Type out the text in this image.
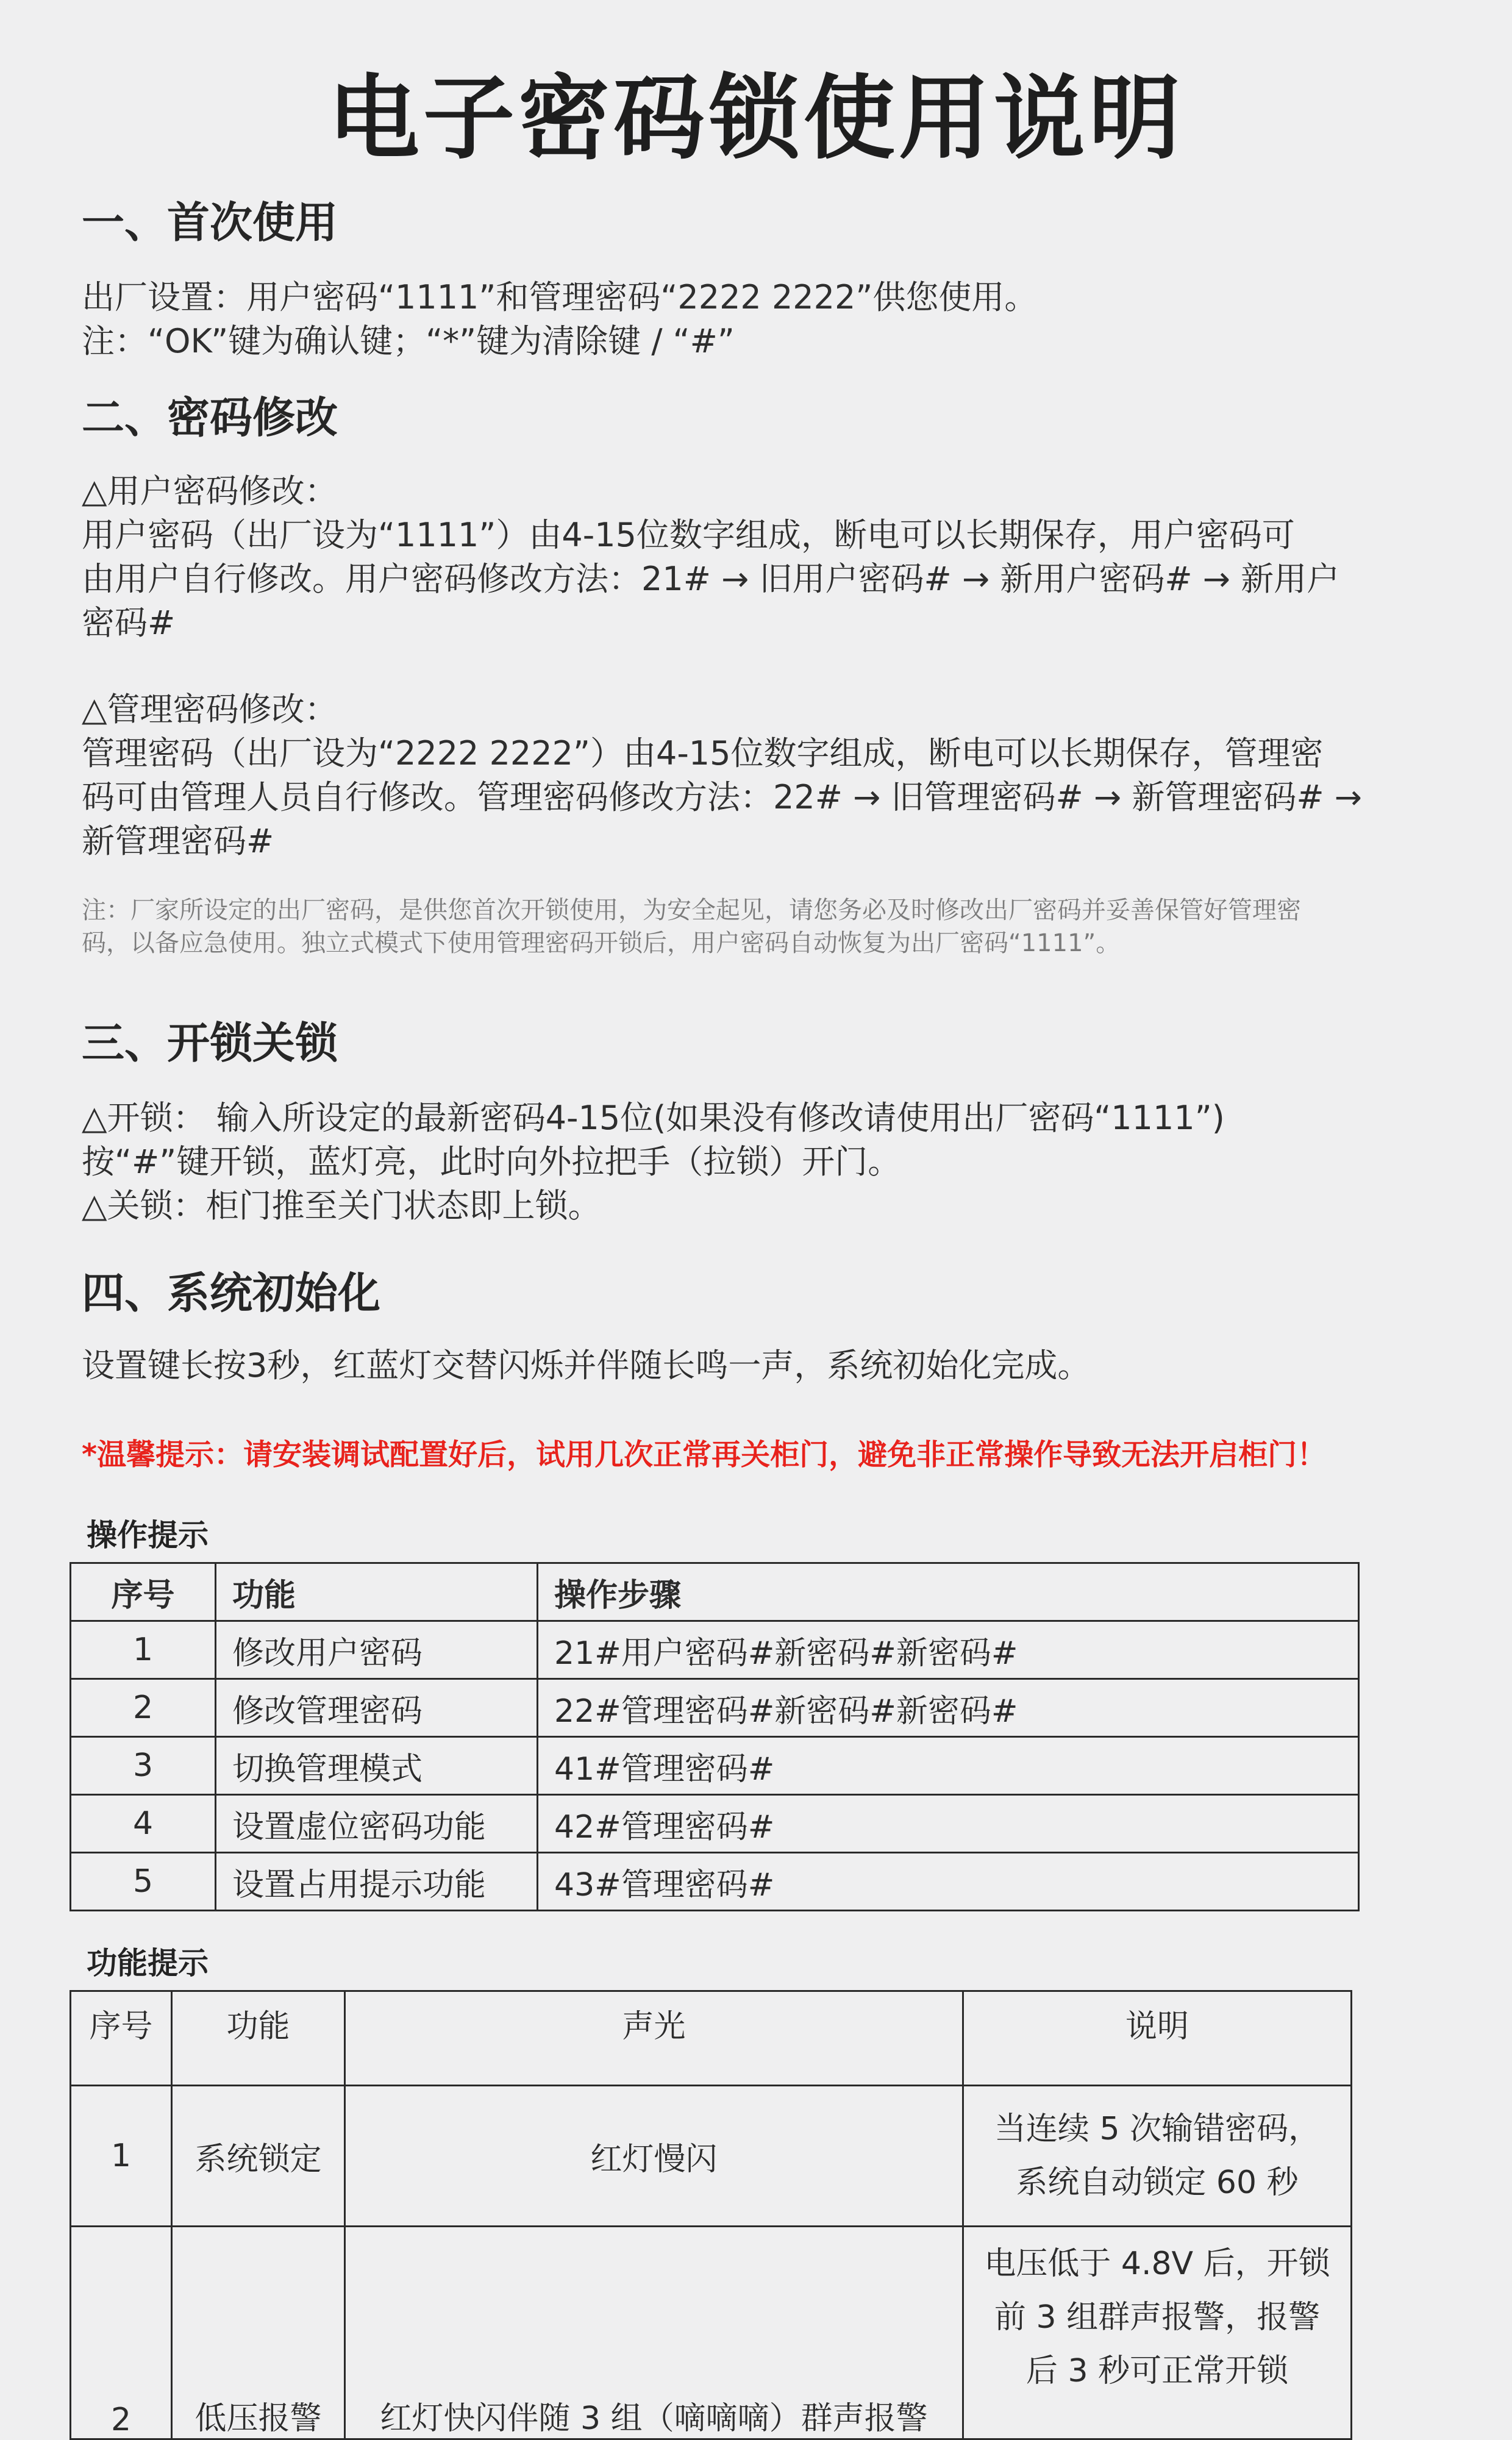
电子密码锁使用说明
一、首次使用
出厂设置：用户密码“1111”和管理密码“2222 2222”供您使用。
注：“OK”键为确认键；“*”键为清除键 / “#”
二、密码修改
△用户密码修改：
用户密码（出厂设为“1111”）由4-15位数字组成，断电可以长期保存，用户密码可
由用户自行修改。用户密码修改方法：21# → 旧用户密码# → 新用户密码# → 新用户
密码#
△管理密码修改：
管理密码（出厂设为“2222 2222”）由4-15位数字组成，断电可以长期保存，管理密
码可由管理人员自行修改。管理密码修改方法：22# → 旧管理密码# → 新管理密码# →
新管理密码#
注：厂家所设定的出厂密码，是供您首次开锁使用，为安全起见，请您务必及时修改出厂密码并妥善保管好管理密
码，以备应急使用。独立式模式下使用管理密码开锁后，用户密码自动恢复为出厂密码“1111”。
三、开锁关锁
△开锁： 输入所设定的最新密码4-15位(如果没有修改请使用出厂密码“1111”)
按“#”键开锁，蓝灯亮，此时向外拉把手（拉锁）开门。
△关锁：柜门推至关门状态即上锁。
四、系统初始化
设置键长按3秒，红蓝灯交替闪烁并伴随长鸣一声，系统初始化完成。
*温馨提示：请安装调试配置好后，试用几次正常再关柜门，避免非正常操作导致无法开启柜门！
操作提示
序号	功能	操作步骤
1	修改用户密码	21#用户密码#新密码#新密码#
2	修改管理密码	22#管理密码#新密码#新密码#
3	切换管理模式	41#管理密码#
4	设置虚位密码功能	42#管理密码#
5	设置占用提示功能	43#管理密码#
功能提示
序号	功能	声光	说明
1	系统锁定	红灯慢闪	当连续 5 次输错密码，
系统自动锁定 60 秒

2	低压报警	红灯快闪伴随 3 组（嘀嘀嘀）群声报警	电压低于 4.8V 后，开锁
前 3 组群声报警，报警
后 3 秒可正常开锁
